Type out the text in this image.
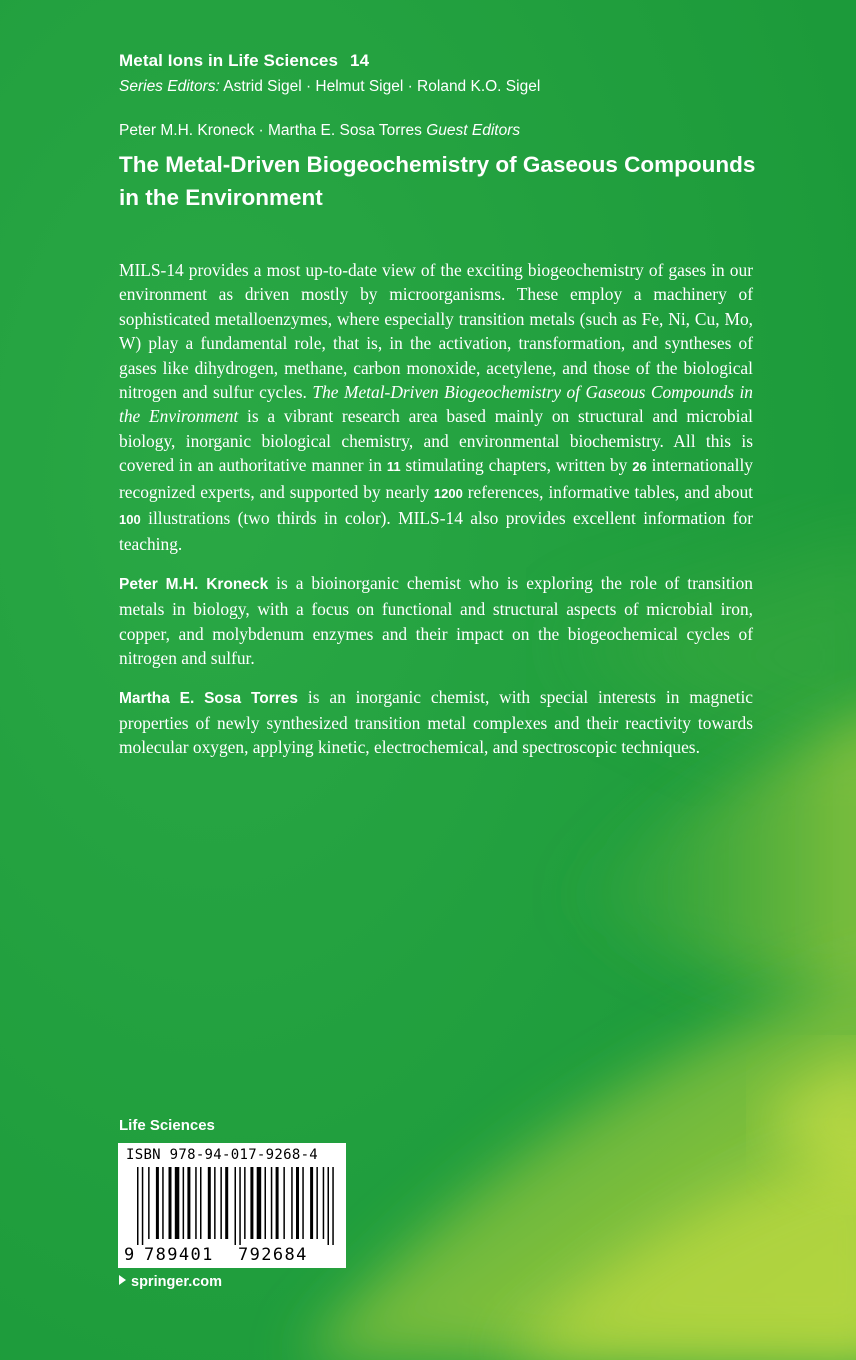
Metal Ions in Life Sciences 14
Series Editors: Astrid Sigel · Helmut Sigel · Roland K.O. Sigel
Peter M.H. Kroneck · Martha E. Sosa Torres Guest Editors
The Metal-Driven Biogeochemistry of Gaseous Compounds
in the Environment

MILS-14 provides a most up-to-date view of the exciting biogeochemistry of gases in our environment as driven mostly by microorganisms. These employ a machinery of sophisticated metalloenzymes, where especially transition metals (such as Fe, Ni, Cu, Mo, W) play a fundamental role, that is, in the activation, transformation, and syntheses of gases like dihydrogen, methane, carbon monoxide, acetylene, and those of the biological nitrogen and sulfur cycles. The Metal-Driven Biogeochemistry of Gaseous Compounds in the Environment is a vibrant research area based mainly on structural and microbial biology, inorganic biological chemistry, and environmental biochemistry. All this is covered in an authoritative manner in 11 stimulating chapters, written by 26 internationally recognized experts, and supported by nearly 1200 references, informative tables, and about 100 illustrations (two thirds in color). MILS-14 also provides excellent information for teaching.

Peter M.H. Kroneck is a bioinorganic chemist who is exploring the role of transition metals in biology, with a focus on functional and structural aspects of microbial iron, copper, and molybdenum enzymes and their impact on the biogeochemical cycles of nitrogen and sulfur.

Martha E. Sosa Torres is an inorganic chemist, with special interests in magnetic properties of newly synthesized transition metal complexes and their reactivity towards molecular oxygen, applying kinetic, electrochemical, and spectroscopic techniques.

Life Sciences
ISBN 978-94-017-9268-4
9 789401 792684
springer.com
